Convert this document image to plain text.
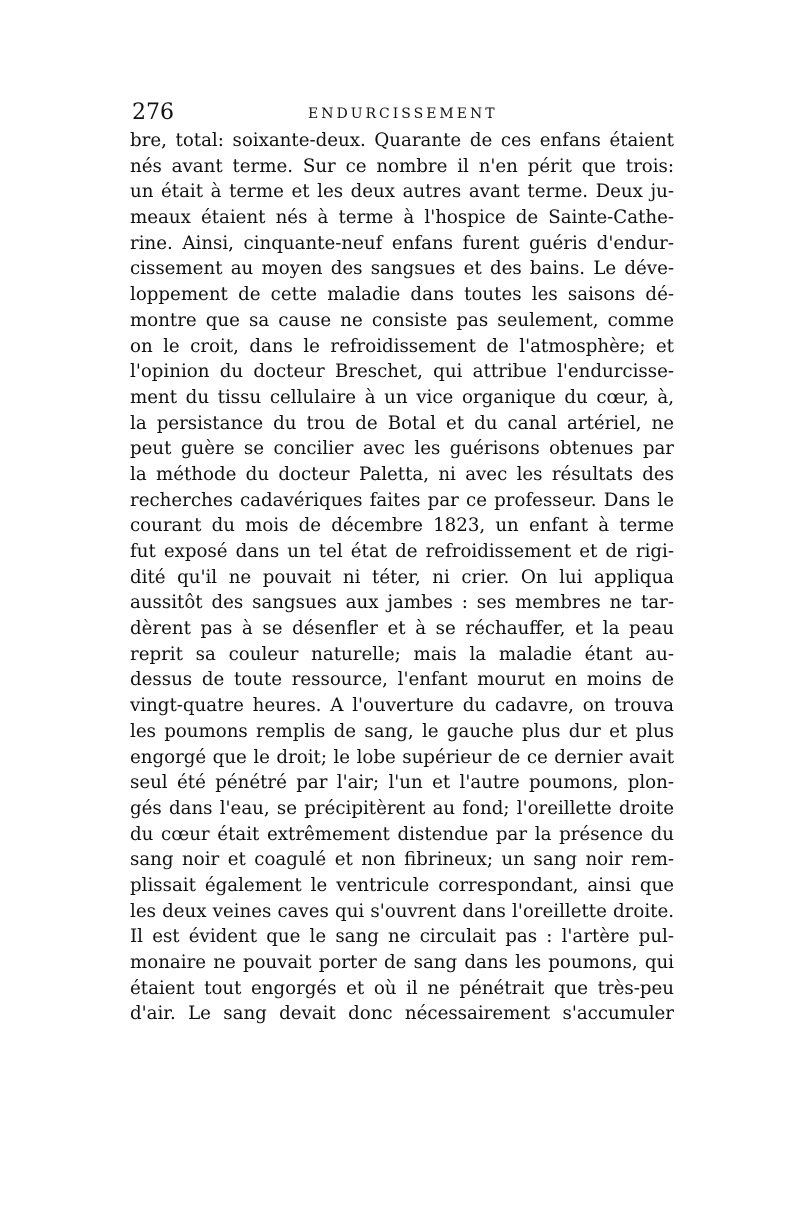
276	ENDURCISSEMENT
bre, total: soixante-deux. Quarante de ces enfans étaient
nés avant terme. Sur ce nombre il n'en périt que trois:
un était à terme et les deux autres avant terme. Deux ju-
meaux étaient nés à terme à l'hospice de Sainte-Cathe-
rine. Ainsi, cinquante-neuf enfans furent guéris d'endur-
cissement au moyen des sangsues et des bains. Le déve-
loppement de cette maladie dans toutes les saisons dé-
montre que sa cause ne consiste pas seulement, comme
on le croit, dans le refroidissement de l'atmosphère; et
l'opinion du docteur Breschet, qui attribue l'endurcisse-
ment du tissu cellulaire à un vice organique du cœur, à,
la persistance du trou de Botal et du canal artériel, ne
peut guère se concilier avec les guérisons obtenues par
la méthode du docteur Paletta, ni avec les résultats des
recherches cadavériques faites par ce professeur. Dans le
courant du mois de décembre 1823, un enfant à terme
fut exposé dans un tel état de refroidissement et de rigi-
dité qu'il ne pouvait ni téter, ni crier. On lui appliqua
aussitôt des sangsues aux jambes : ses membres ne tar-
dèrent pas à se désenfler et à se réchauffer, et la peau
reprit sa couleur naturelle; mais la maladie étant au-
dessus de toute ressource, l'enfant mourut en moins de
vingt-quatre heures. A l'ouverture du cadavre, on trouva
les poumons remplis de sang, le gauche plus dur et plus
engorgé que le droit; le lobe supérieur de ce dernier avait
seul été pénétré par l'air; l'un et l'autre poumons, plon-
gés dans l'eau, se précipitèrent au fond; l'oreillette droite
du cœur était extrêmement distendue par la présence du
sang noir et coagulé et non fibrineux; un sang noir rem-
plissait également le ventricule correspondant, ainsi que
les deux veines caves qui s'ouvrent dans l'oreillette droite.
Il est évident que le sang ne circulait pas : l'artère pul-
monaire ne pouvait porter de sang dans les poumons, qui
étaient tout engorgés et où il ne pénétrait que très-peu
d'air. Le sang devait donc nécessairement s'accumuler
